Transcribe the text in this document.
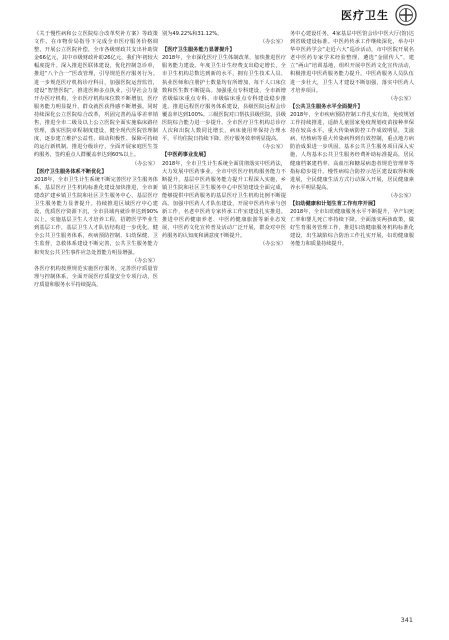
医疗卫生

《关于慢性病和公立医院综合改革奖补方案》等政策文件。在市物价局指导下完成全市医疗服务价格调整，开展公立医院补偿，全市各级财政共支出补助资金66亿元，其中市级财政补助26亿元，我们年初较大幅度提升。深入推进医联体建设，优化控制急诊单，推进“八个合一”医改管理，引导规范医疗服务行为。进一步规范医疗机构诊疗科目，加强医院运营监管，建设“智慧医院”，推进医师多点执业，引导社会力量开办医疗机构，全市医疗机构床位数不断增加，医疗服务能力明显提升，群众就医获得感不断增强。同时持续深化公立医院综合改革，巩固完善药品零差率销售，推进全市二级及以上公立医院全面实施临床路径管理，落实医院章程制度建设，健全现代医院管理制度，逐步建立维护公益性、调动积极性、保障可持续的运行新机制。推进分级诊疗，全面开展家庭医生签约服务，签约重点人群覆盖率达到60%以上。

（办公室）

【医疗卫生服务体系不断优化】

2018年，全市卫生计生系统不断完善医疗卫生服务体系，基层医疗卫生机构标准化建设加快推进，全市新建改扩建乡镇卫生院和社区卫生服务中心，基层医疗卫生服务能力显著提升。持续推进区域医疗中心建设，优质医疗资源下沉，全市县域内就诊率达到90%以上。实施基层卫生人才培养工程，招聘医学毕业生到基层工作，基层卫生人才队伍结构进一步优化。健全公共卫生服务体系，疾病预防控制、妇幼保健、卫生监督、急救体系建设不断完善，公共卫生服务能力和突发公共卫生事件应急处置能力明显增强。

（办公室）

各医疗机构按照规范实施医疗服务，完善医疗质量管理与控制体系，全面开展医疗质量安全专项行动，医疗质量和服务水平持续提高。

别为49.22%和31.12%。

（办公室）

【医疗卫生服务能力显著提升】

2018年，全市深化医疗卫生体制改革，加快推进医疗服务能力建设。年度卫生计生经费支出稳定增长，全市卫生机构总数达到新的水平，拥有卫生技术人员、执业医师和注册护士数量均有所增加，每千人口床位数和医生数不断提高。加强重点专科建设，全市新增省级临床重点专科，市级临床重点专科建设稳步推进。推进远程医疗服务体系建设，县级医院远程会诊覆盖率达到100%。三级医院对口帮扶县级医院，县级医院综合能力进一步提升。全市医疗卫生机构总诊疗人次和出院人数同比增长，病床使用率保持合理水平，平均住院日持续下降，医疗服务效率明显提高。

（办公室）

【中医药事业发展】

2018年，全市卫生计生系统全面贯彻落实中医药法，大力发展中医药事业。全市中医医疗机构服务能力不断提升，基层中医药服务能力提升工程深入实施，乡镇卫生院和社区卫生服务中心中医馆建设全面完成，能够提供中医药服务的基层医疗卫生机构比例不断提高。加强中医药人才队伍建设，开展中医药传承与创新工作，名老中医药专家传承工作室建设扎实推进。推进中医药健康养老、中医药健康旅游等新业态发展，中医药文化宣传普及活动广泛开展，群众对中医药服务的认知度和满意度不断提升。

（办公室）

务中心建设任务，4家基层中医馆会诊中医大厅(馆)达到省级建设标准。中医药传承工作继续深化，举办中华中医药学会“走近六大”巡诊活动，市中医院开展名老中医药专家学术经验整理，遴选“金匮传人”，建立“两山”培训基地，组织开展中医药文化宣传活动，积极推进中医药服务能力提升。中医药服务人员队伍进一步壮大，卫生人才建设不断加强，落实中医药人才培养项目。

（办公室）

【公共卫生服务水平全面提升】

2018年，全市疾病预防控制工作扎实有效，免疫规划工作持续推进，适龄儿童国家免疫规划疫苗接种率保持在较高水平。重大传染病防控工作成效明显，艾滋病、结核病等重大传染病得到有效控制，重点地方病防治成果进一步巩固。基本公共卫生服务项目深入实施，人均基本公共卫生服务经费补助标准提高，居民健康档案建档率、高血压和糖尿病患者规范管理率等指标稳步提升。慢性病综合防控示范区建设取得积极进展，全民健康生活方式行动深入开展，居民健康素养水平明显提高。

（办公室）

【妇幼健康和计划生育工作有序开展】

2018年，全市妇幼健康服务水平不断提升，孕产妇死亡率和婴儿死亡率持续下降。全面落实两孩政策，做好生育服务管理工作，推进妇幼健康服务机构标准化建设，出生缺陷综合防治工作扎实开展，妇幼健康服务能力和质量持续提升。

341
